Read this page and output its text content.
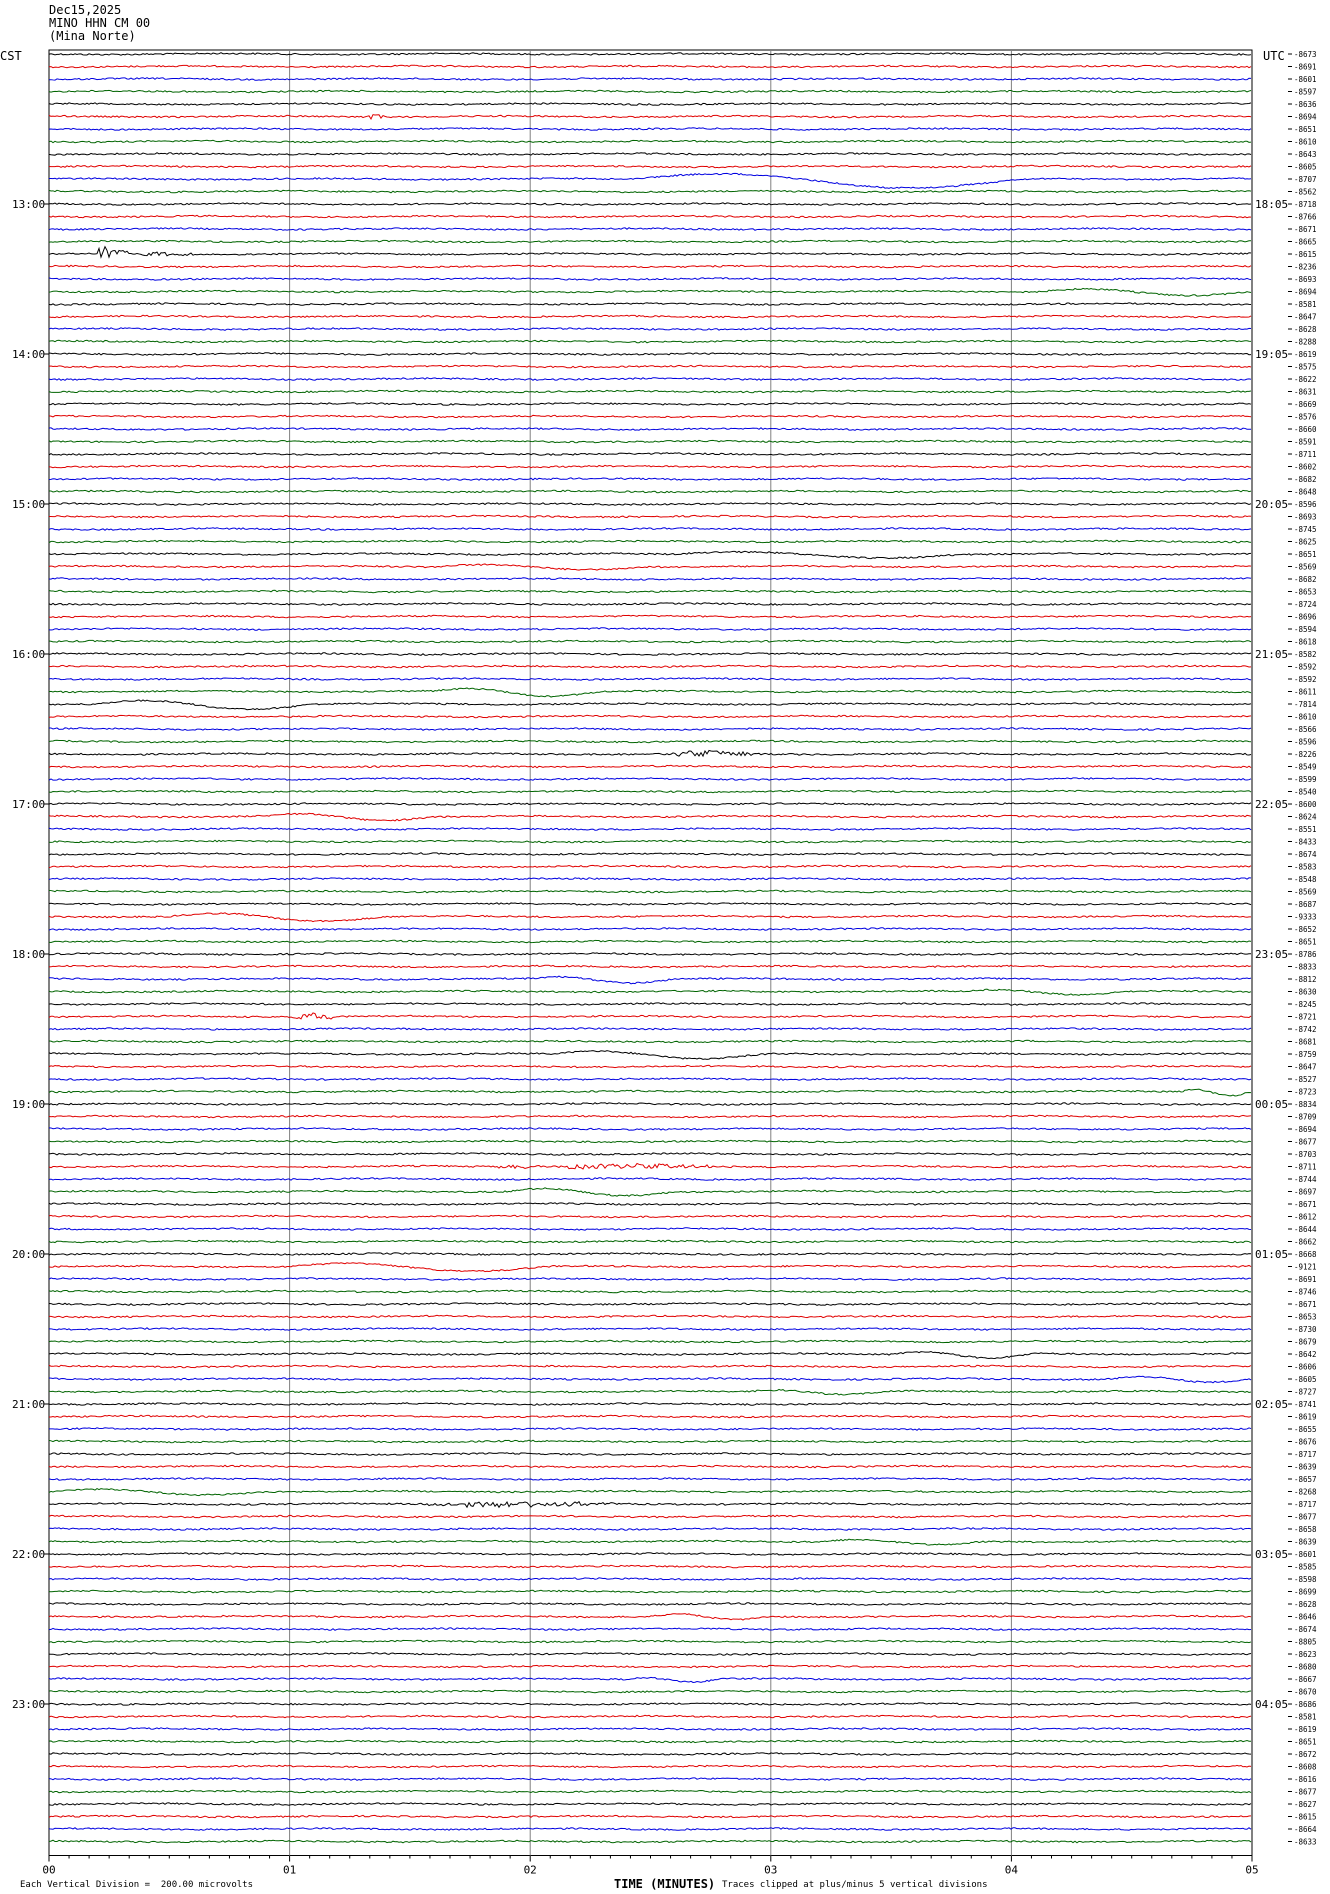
Dec15,2025
MINO HHN CM 00
(Mina Norte)
CST	UTC -8673
-8691
-8601
-8597
-8636
-8694
-8651
-8610
-8643
-8605
-8707
-8562
-8718
-8766
-8671
-8665
-8615
-8236
-8693
-8694
-8581
-8647
-8628
-8288
-8619
-8575
-8622
-8631
-8669
-8576
-8660
-8591
-8711
-8602
-8682
-8648
-8596
-8693
-8745
-8625
-8651
-8569
-8682
-8653
-8724
-8696
-8594
-8618
-8582
-8592
-8592
-8611
-7814
-8610
-8566
-8596
-8226
-8549
-8599
-8540
-8600
-8624
-8551
-8433
-8674
-8583
-8548
-8569
-8687
-9333
-8652
-8651
-8786
-8833
-8812
-8630
-8245
-8721
-8742
-8681
-8759
-8647
-8527
-8723
-8834
-8709
-8694
-8677
-8703
-8711
-8744
-8697
-8671
-8612
-8644
-8662
-8668
-9121
-8691
-8746
-8671
-8653
-8730
-8679
-8642
-8606
-8605
-8727
-8741
-8619
-8655
-8676
-8717
-8639
-8657
-8268
-8717
-8677
-8658
-8639
-8601
-8585
-8598
-8699
-8628
-8646
-8674
-8805
-8623
-8680
-8667
-8670
-8686
-8581
-8619
-8651
-8672
-8608
-8616
-8677
-8627
-8615
-8664
-8633
13:00	18:05
14:00	19:05
15:00	20:05
16:00	21:05
17:00	22:05
18:00	23:05
19:00	00:05
20:00	01:05
21:00	02:05
22:00	03:05
23:00	04:05
00	01	02	03	04	05
Each Vertical Division =  200.00 microvolts	TIME (MINUTES) Traces clipped at plus/minus 5 vertical divisions
